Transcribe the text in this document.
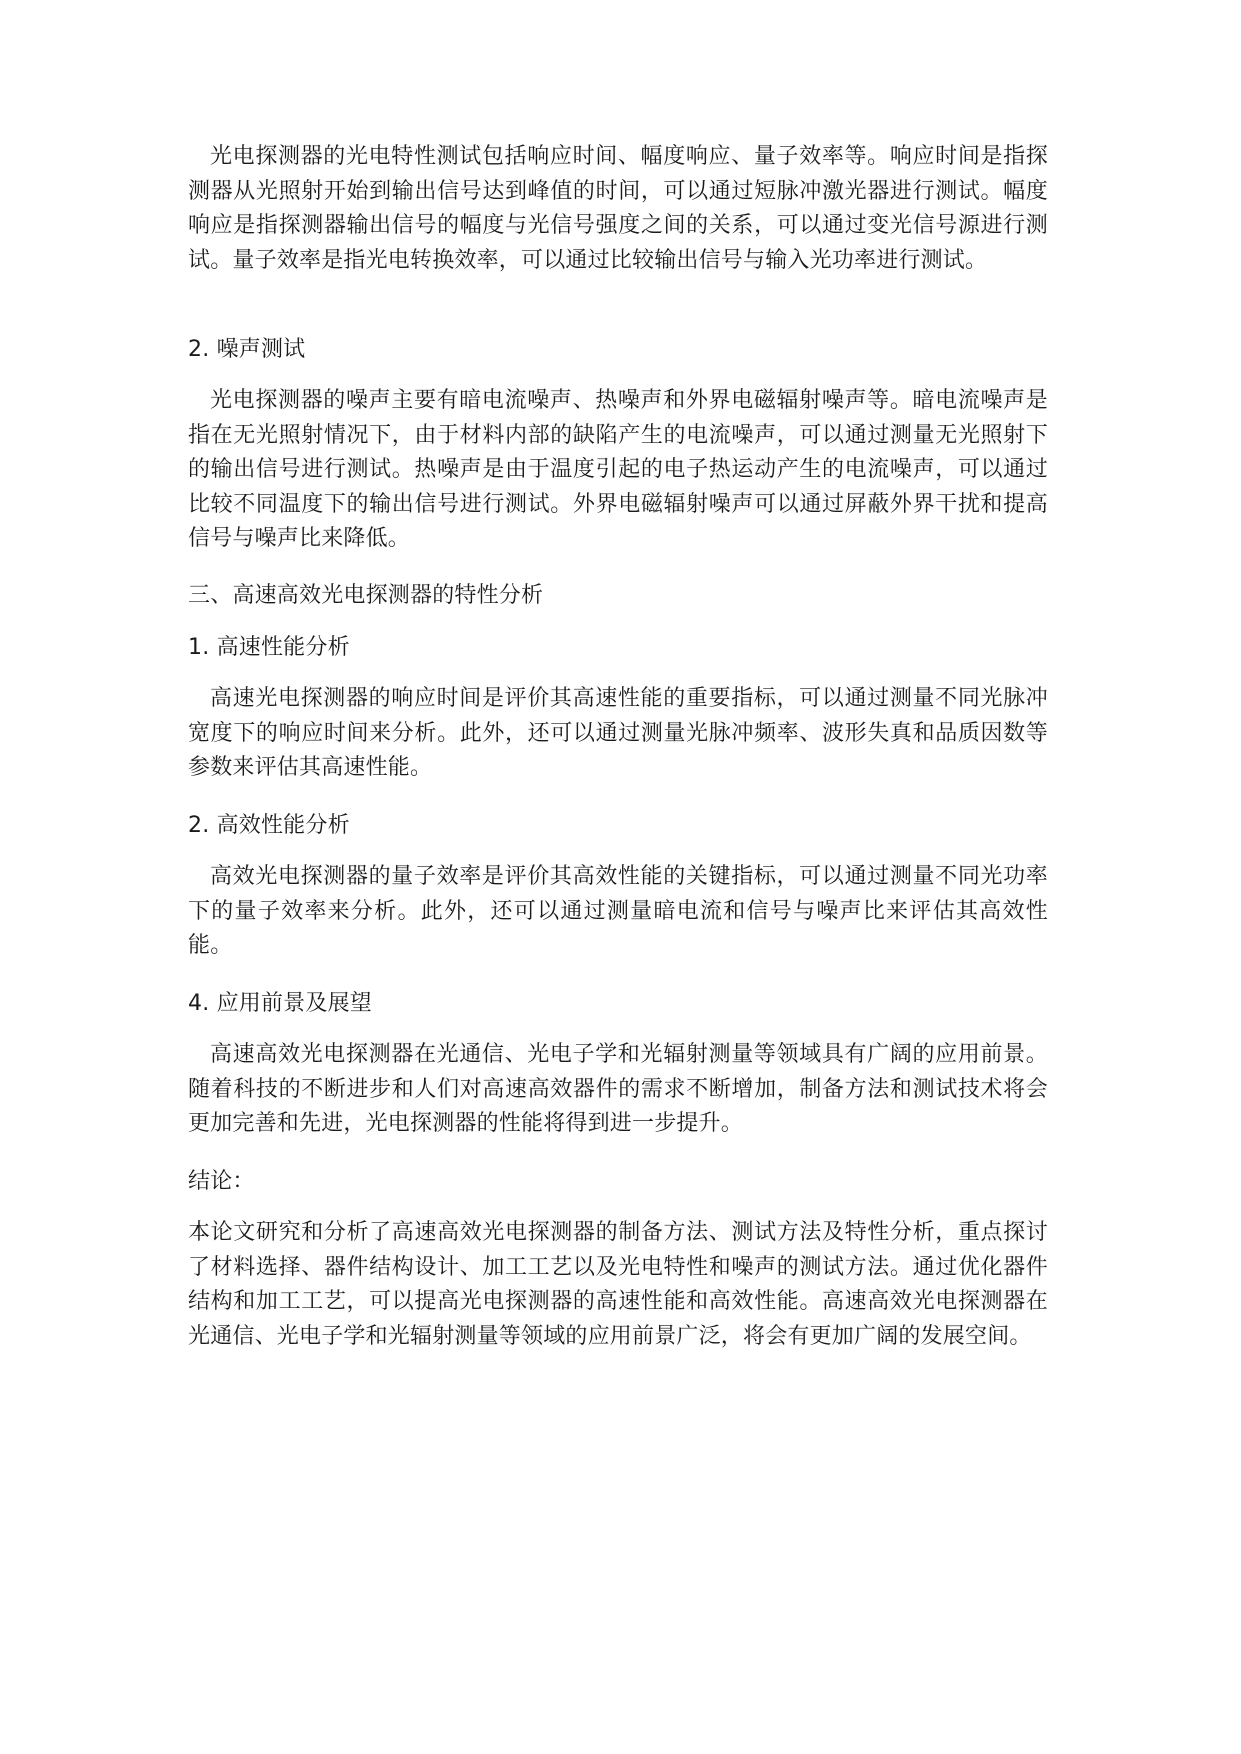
光电探测器的光电特性测试包括响应时间、幅度响应、量子效率等。响应时间是指探测器从光照射开始到输出信号达到峰值的时间，可以通过短脉冲激光器进行测试。幅度响应是指探测器输出信号的幅度与光信号强度之间的关系，可以通过变光信号源进行测试。量子效率是指光电转换效率，可以通过比较输出信号与输入光功率进行测试。

2. 噪声测试

光电探测器的噪声主要有暗电流噪声、热噪声和外界电磁辐射噪声等。暗电流噪声是指在无光照射情况下，由于材料内部的缺陷产生的电流噪声，可以通过测量无光照射下的输出信号进行测试。热噪声是由于温度引起的电子热运动产生的电流噪声，可以通过比较不同温度下的输出信号进行测试。外界电磁辐射噪声可以通过屏蔽外界干扰和提高信号与噪声比来降低。

三、高速高效光电探测器的特性分析

1. 高速性能分析

高速光电探测器的响应时间是评价其高速性能的重要指标，可以通过测量不同光脉冲宽度下的响应时间来分析。此外，还可以通过测量光脉冲频率、波形失真和品质因数等参数来评估其高速性能。

2. 高效性能分析

高效光电探测器的量子效率是评价其高效性能的关键指标，可以通过测量不同光功率下的量子效率来分析。此外，还可以通过测量暗电流和信号与噪声比来评估其高效性能。

4. 应用前景及展望

高速高效光电探测器在光通信、光电子学和光辐射测量等领域具有广阔的应用前景。随着科技的不断进步和人们对高速高效器件的需求不断增加，制备方法和测试技术将会更加完善和先进，光电探测器的性能将得到进一步提升。

结论：

本论文研究和分析了高速高效光电探测器的制备方法、测试方法及特性分析，重点探讨了材料选择、器件结构设计、加工工艺以及光电特性和噪声的测试方法。通过优化器件结构和加工工艺，可以提高光电探测器的高速性能和高效性能。高速高效光电探测器在光通信、光电子学和光辐射测量等领域的应用前景广泛，将会有更加广阔的发展空间。
